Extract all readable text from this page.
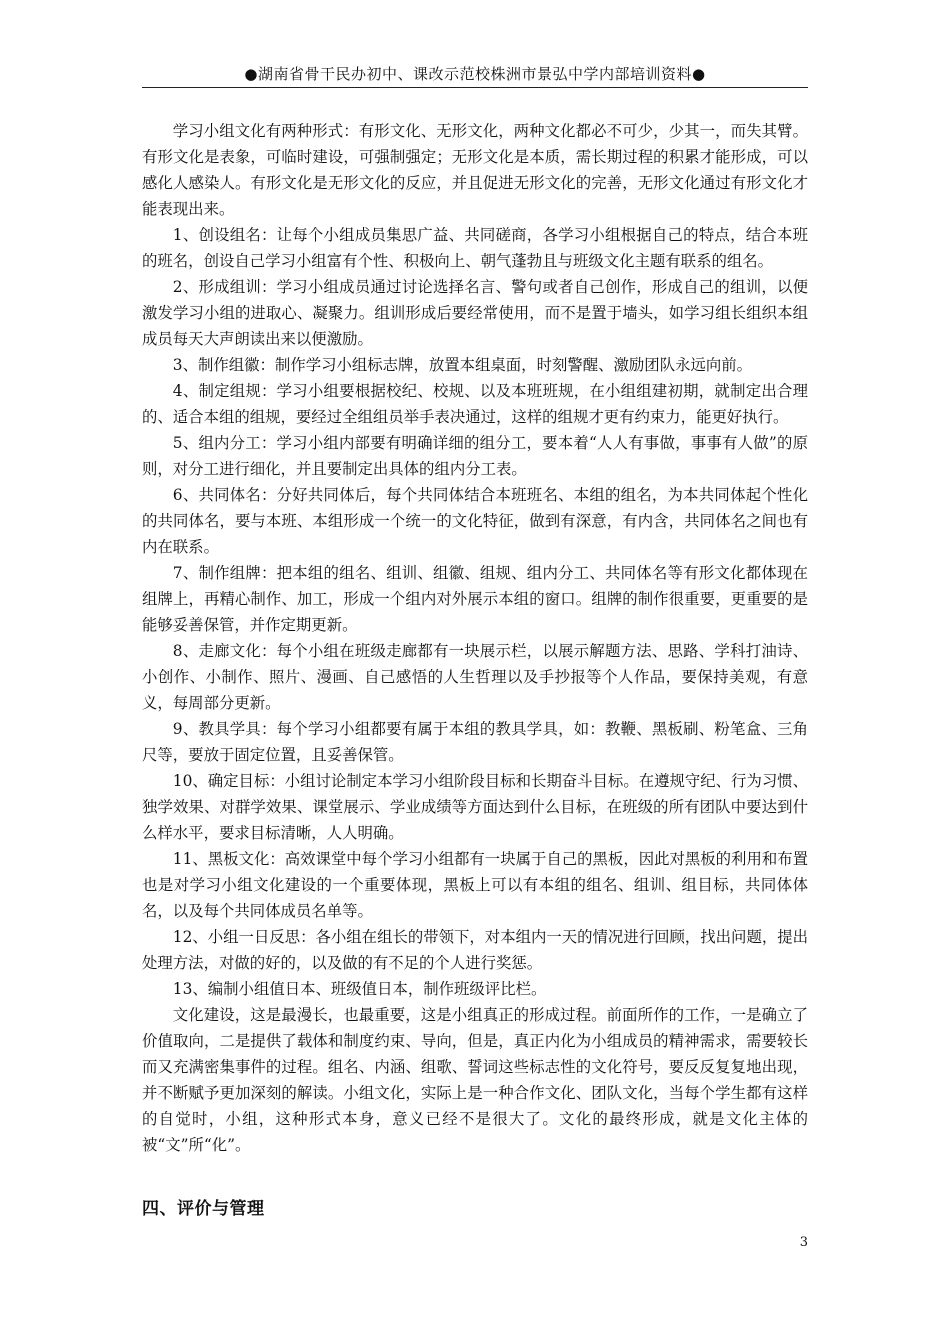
●湖南省骨干民办初中、课改示范校株洲市景弘中学内部培训资料●

学习小组文化有两种形式：有形文化、无形文化，两种文化都必不可少，少其一，而失其臂。有形文化是表象，可临时建设，可强制强定；无形文化是本质，需长期过程的积累才能形成，可以感化人感染人。有形文化是无形文化的反应，并且促进无形文化的完善，无形文化通过有形文化才能表现出来。

1、创设组名：让每个小组成员集思广益、共同磋商，各学习小组根据自己的特点，结合本班的班名，创设自己学习小组富有个性、积极向上、朝气蓬勃且与班级文化主题有联系的组名。

2、形成组训：学习小组成员通过讨论选择名言、警句或者自己创作，形成自己的组训，以便激发学习小组的进取心、凝聚力。组训形成后要经常使用，而不是置于墙头，如学习组长组织本组成员每天大声朗读出来以便激励。

3、制作组徽：制作学习小组标志牌，放置本组桌面，时刻警醒、激励团队永远向前。

4、制定组规：学习小组要根据校纪、校规、以及本班班规，在小组组建初期，就制定出合理的、适合本组的组规，要经过全组组员举手表决通过，这样的组规才更有约束力，能更好执行。

5、组内分工：学习小组内部要有明确详细的组分工，要本着“人人有事做，事事有人做”的原则，对分工进行细化，并且要制定出具体的组内分工表。

6、共同体名：分好共同体后，每个共同体结合本班班名、本组的组名，为本共同体起个性化的共同体名，要与本班、本组形成一个统一的文化特征，做到有深意，有内含，共同体名之间也有内在联系。

7、制作组牌：把本组的组名、组训、组徽、组规、组内分工、共同体名等有形文化都体现在组牌上，再精心制作、加工，形成一个组内对外展示本组的窗口。组牌的制作很重要，更重要的是能够妥善保管，并作定期更新。

8、走廊文化：每个小组在班级走廊都有一块展示栏，以展示解题方法、思路、学科打油诗、小创作、小制作、照片、漫画、自己感悟的人生哲理以及手抄报等个人作品，要保持美观，有意义，每周部分更新。

9、教具学具：每个学习小组都要有属于本组的教具学具，如：教鞭、黑板刷、粉笔盒、三角尺等，要放于固定位置，且妥善保管。

10、确定目标：小组讨论制定本学习小组阶段目标和长期奋斗目标。在遵规守纪、行为习惯、独学效果、对群学效果、课堂展示、学业成绩等方面达到什么目标，在班级的所有团队中要达到什么样水平，要求目标清晰，人人明确。

11、黑板文化：高效课堂中每个学习小组都有一块属于自己的黑板，因此对黑板的利用和布置也是对学习小组文化建设的一个重要体现，黑板上可以有本组的组名、组训、组目标，共同体体名，以及每个共同体成员名单等。

12、小组一日反思：各小组在组长的带领下，对本组内一天的情况进行回顾，找出问题，提出处理方法，对做的好的，以及做的有不足的个人进行奖惩。

13、编制小组值日本、班级值日本，制作班级评比栏。

文化建设，这是最漫长，也最重要，这是小组真正的形成过程。前面所作的工作，一是确立了价值取向，二是提供了载体和制度约束、导向，但是，真正内化为小组成员的精神需求，需要较长而又充满密集事件的过程。组名、内涵、组歌、誓词这些标志性的文化符号，要反反复复地出现，并不断赋予更加深刻的解读。小组文化，实际上是一种合作文化、团队文化，当每个学生都有这样的自觉时，小组，这种形式本身，意义已经不是很大了。文化的最终形成，就是文化主体的被“文”所“化”。

四、评价与管理
3
